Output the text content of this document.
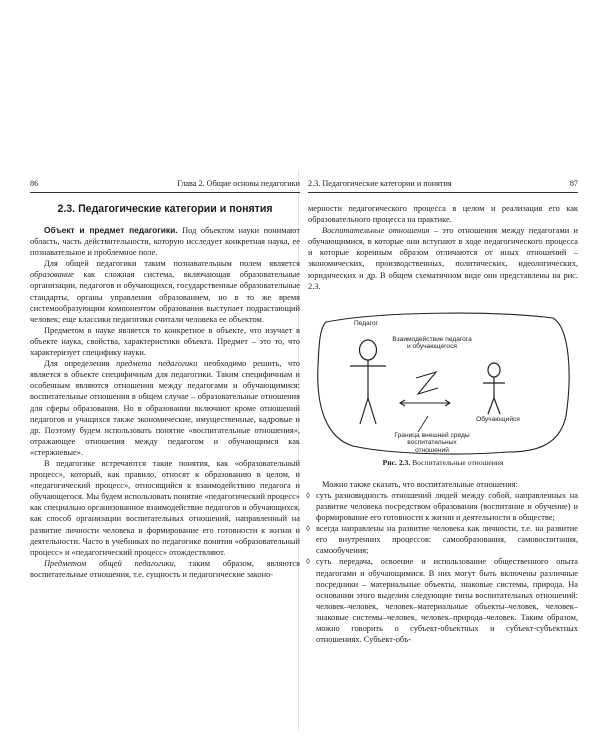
86	Глава 2. Общие основы педагогики
2.3. Педагогические категории и понятия

Объект и предмет педагогики. Под объектом науки понимают область, часть действительности, которую исследует конкретная наука, ее познавательное и проблемное поле.

Для общей педагогики таким познавательным полем является образование как сложная система, включающая образовательные организации, педагогов и обучающихся, государственные образовательные стандарты, органы управления образованием, но в то же время системообразующим компонентом образования выступает подрастающий человек; еще классики педагогики считали человека ее объектом.

Предметом в науке является то конкретное в объекте, что изучает в объекте наука, свойства, характеристики объекта. Предмет – это то, что характеризует специфику науки.

Для определения предмета педагогики необходимо решить, что является в объекте специфичным для педагогики. Таким специфичным и особенным являются отношения между педагогами и обучающимися: воспитательные отношения в общем случае – образовательные отношения для сферы образования. Но в образовании включают кроме отношений педагогов и учащихся также экономические, имущественные, кадровые и др. Поэтому будем использовать понятие «воспитательные отношения», отражающее отношения между педагогом и обучающимся как «стержневые».

В педагогике встречаются такие понятия, как «образовательный процесс», который, как правило, относят к образованию в целом, и «педагогический процесс», относящийся к взаимодействию педагога и обучающегося. Мы будем использовать понятие «педагогический процесс» как специально организованное взаимодействие педагогов и обучающихся, как способ организации воспитательных отношений, направленный на развитие личности человека и формирование его готовности к жизни и деятельности. Часто в учебниках по педагогике понятия «образовательный процесс» и «педагогический процесс» отождествляют.

Предметом общей педагогики, таким образом, являются воспитательные отношения, т.е. сущность и педагогические законо-

2.3. Педагогические категории и понятия	87

мерности педагогического процесса в целом и реализация его как образовательного процесса на практике.

Воспитательные отношения – это отношения между педагогами и обучающимися, в которые они вступают в ходе педагогического процесса и которые коренным образом отличаются от иных отношений – экономических, производственных, политических, идеологических, юридических и др. В общем схематичном виде они представлены на рис. 2.3.

Педагог
Взаимодействие педагога и обучающегося
Обучающийся
Граница внешней среды воспитательных отношений
Рис. 2.3. Воспитательные отношения

Можно также сказать, что воспитательные отношения:

◊ суть разновидность отношений людей между собой, направленных на развитие человека посредством образования (воспитание и обучение) и формирование его готовности к жизни и деятельности в обществе;
◊ всегда направлены на развитие человека как личности, т.е. на развитие его внутренних процессов: самообразования, самовоспитания, самообучения;
◊ суть передача, освоение и использование общественного опыта педагогами и обучающимися. В них могут быть включены различные посредники – материальные объекты, знаковые системы, природа. На основании этого выделим следующие типы воспитательных отношений: человек–человек, человек–материальные объекты–человек, человек–знаковые системы–человек, человек–природа–человек. Таким образом, можно говорить о субъект-объектных и субъект-субъектных отношениях. Субъект-объ-
